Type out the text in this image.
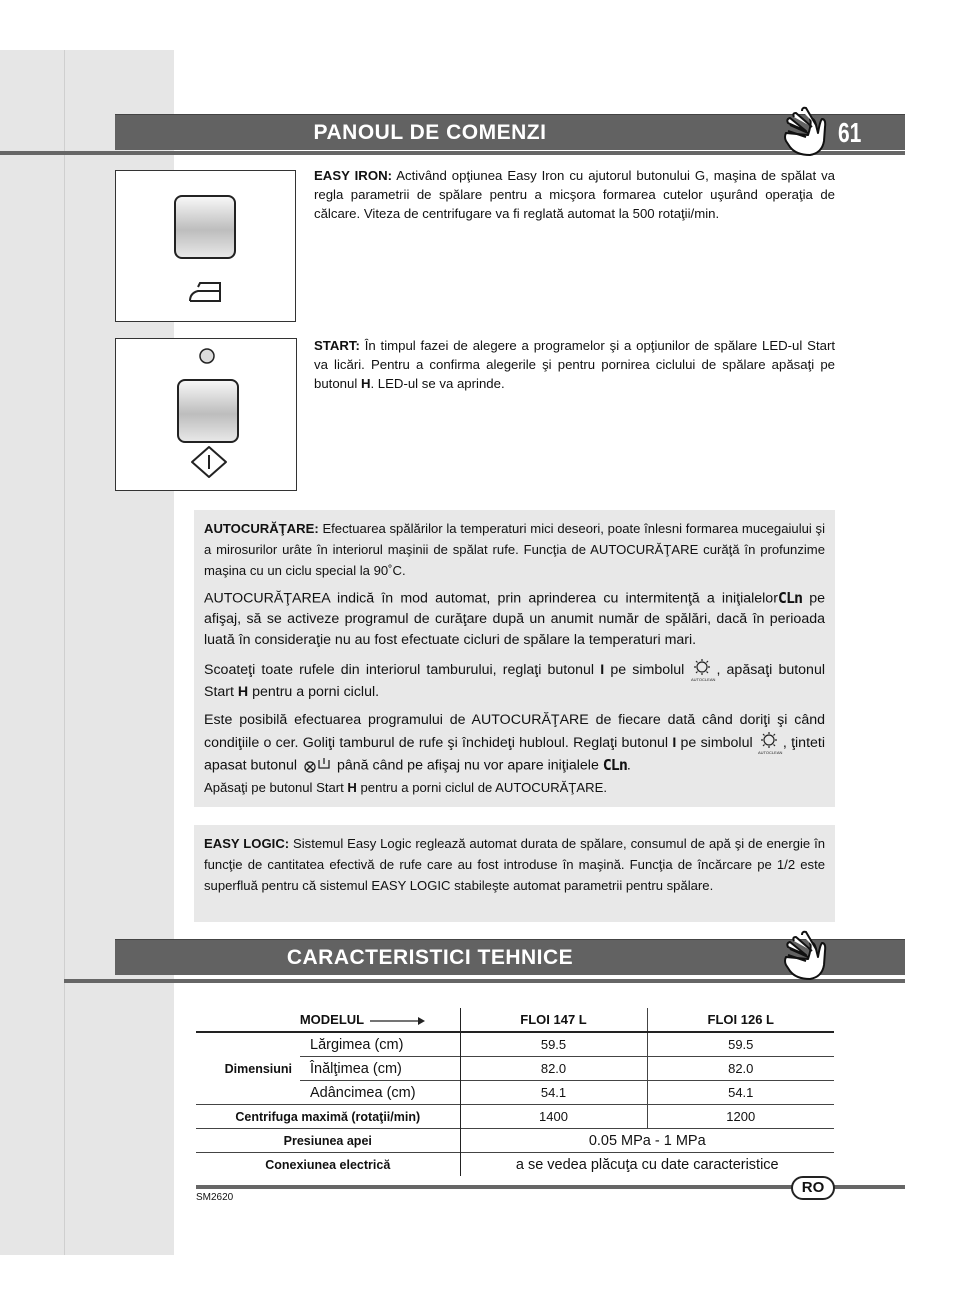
PANOUL DE COMENZI	61
EASY IRON: Activând opţiunea Easy Iron cu ajutorul butonului G, maşina de spălat va regla parametrii de spălare pentru a micşora formarea cutelor uşurând operaţia de călcare. Viteza de centrifugare va fi reglată automat la 500 rotaţii/min.
START: În timpul fazei de alegere a programelor şi a opţiunilor de spălare LED-ul Start va licări. Pentru a confirma alegerile şi pentru pornirea ciclului de spălare apăsaţi pe butonul H. LED-ul se va aprinde.

AUTOCURĂŢARE: Efectuarea spălărilor la temperaturi mici deseori, poate înlesni formarea mucegaiului şi a mirosurilor urâte în interiorul maşinii de spălat rufe. Funcţia de AUTOCURĂŢARE curăţă în profunzime maşina cu un ciclu special la 90˚C.

AUTOCURĂŢAREA indică în mod automat, prin aprinderea cu intermitenţă a iniţialelorCLn pe afişaj, să se activeze programul de curăţare după un anumit număr de spălări, dacă în perioada luată în consideraţie nu au fost efectuate cicluri de spălare la temperaturi mari.

Scoateţi toate rufele din interiorul tamburului, reglaţi butonul I pe simbolul
AUTOCLEAN
, apăsaţi butonul Start H pentru a porni ciclul.

Este posibilă efectuarea programului de AUTOCURĂŢARE de fiecare dată când doriţi şi când condiţiile o cer. Goliţi tamburul de rufe şi închideţi hubloul. Reglaţi butonul I pe simbolul
AUTOCLEAN
, ţinteti apasat butonul  până când pe afişaj nu vor apare iniţialele CLn.
Apăsaţi pe butonul Start H pentru a porni ciclul de AUTOCURĂŢARE.

EASY LOGIC: Sistemul Easy Logic reglează automat durata de spălare, consumul de apă şi de energie în funcţie de cantitatea efectivă de rufe care au fost introduse în maşină. Funcţia de încărcare pe 1/2 este superfluă pentru că sistemul EASY LOGIC stabileşte automat parametrii pentru spălare.

CARACTERISTICI TEHNICE
MODELUL		FLOI 147 L	FLOI 126 L
Dimensiuni	Lărgimea (cm)	59.5	59.5
	Înălţimea (cm)	82.0	82.0
	Adâncimea (cm)	54.1	54.1
Centrifuga maximă (rotaţii/min)		1400	1200
Presiunea apei		0.05 MPa - 1 MPa	
Conexiunea electrică		a se vedea plăcuţa cu date caracteristice	
RO
SM2620
